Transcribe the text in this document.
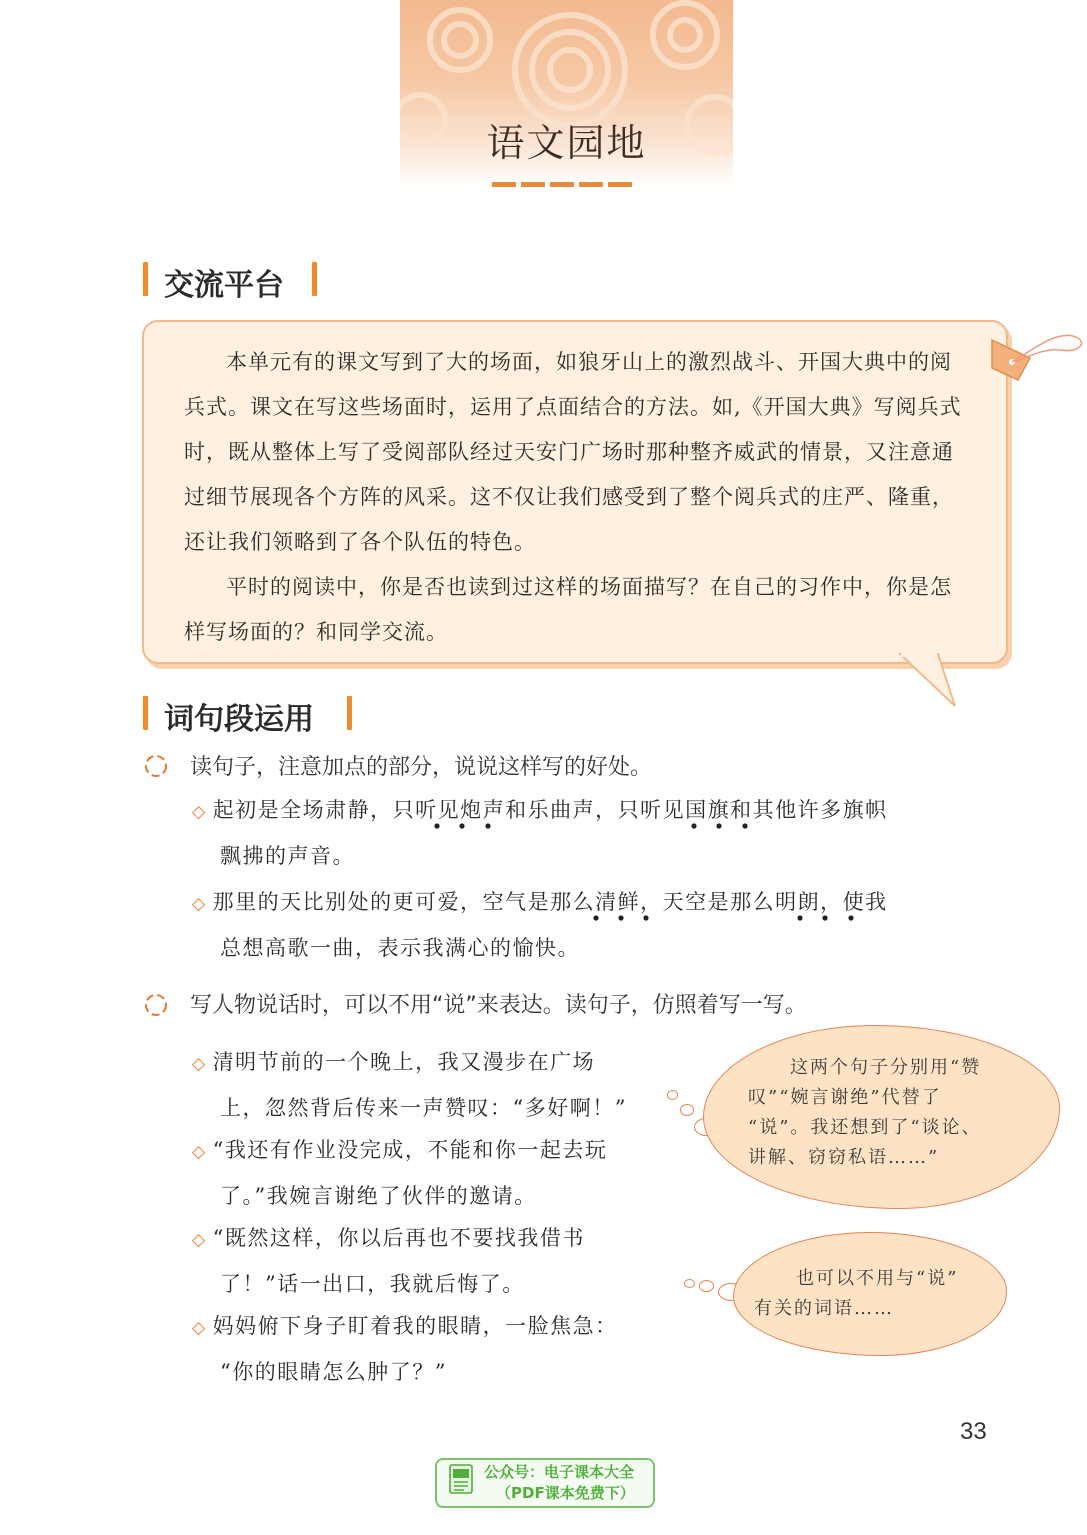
语文园地
交流平台

本单元有的课文写到了大的场面，如狼牙山上的激烈战斗、开国大典中的阅兵式。课文在写这些场面时，运用了点面结合的方法。如,《开国大典》写阅兵式时，既从整体上写了受阅部队经过天安门广场时那种整齐威武的情景，又注意通过细节展现各个方阵的风采。这不仅让我们感受到了整个阅兵式的庄严、隆重，还让我们领略到了各个队伍的特色。

平时的阅读中，你是否也读到过这样的场面描写？在自己的习作中，你是怎样写场面的？和同学交流。

词句段运用
读句子，注意加点的部分，说说这样写的好处。
◇ 起初是全场肃静，只听见炮声和乐曲声，只听见国旗和其他许多旗帜
飘拂的声音。
◇ 那里的天比别处的更可爱，空气是那么清鲜，天空是那么明朗，使我
总想高歌一曲，表示我满心的愉快。
写人物说话时，可以不用“说”来表达。读句子，仿照着写一写。
◇ 清明节前的一个晚上，我又漫步在广场
上，忽然背后传来一声赞叹：“多好啊！”
◇ “我还有作业没完成，不能和你一起去玩
了。”我婉言谢绝了伙伴的邀请。
◇ “既然这样，你以后再也不要找我借书
了！”话一出口，我就后悔了。
◇ 妈妈俯下身子盯着我的眼睛，一脸焦急：
“你的眼睛怎么肿了？”
这两个句子分别用“赞
叹”“婉言谢绝”代替了
“说”。我还想到了“谈论、
讲解、窃窃私语……”
也可以不用与“说”
有关的词语……
33
公众号：电子课本大全
（PDF课本免费下）
